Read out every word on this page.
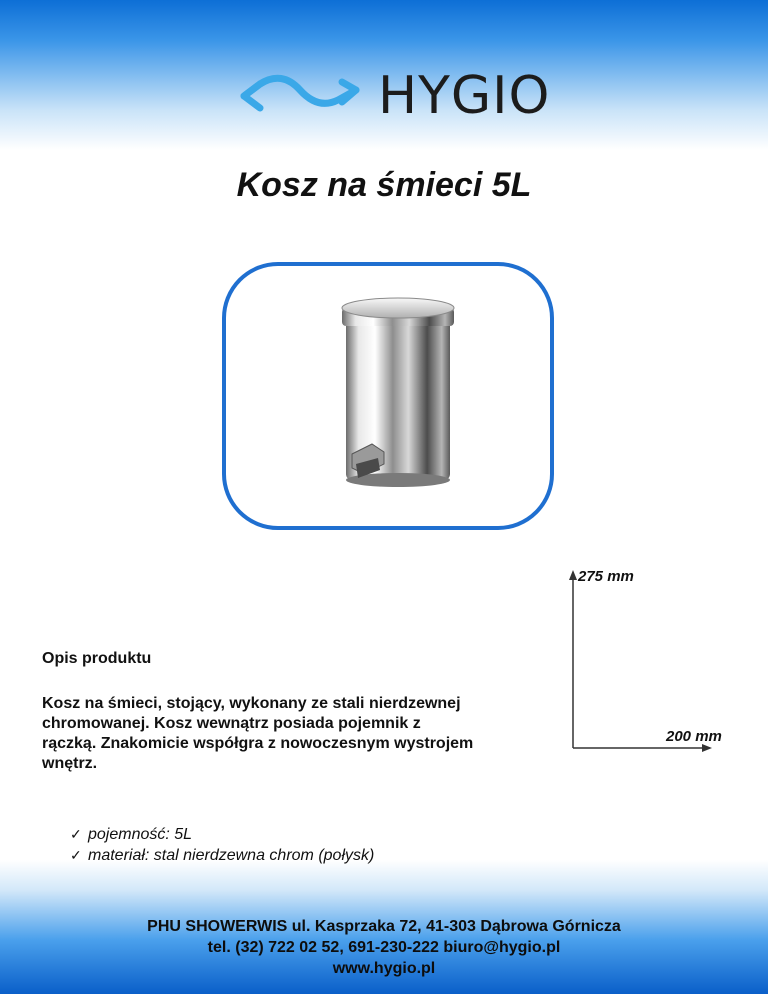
HYGIO
Kosz na śmieci 5L
275 mm
200 mm
Opis produktu
Kosz na śmieci, stojący, wykonany ze stali nierdzewnej
chromowanej. Kosz wewnątrz posiada pojemnik z
rączką. Znakomicie współgra z nowoczesnym wystrojem
wnętrz.
✓ pojemność: 5L
✓ materiał: stal nierdzewna chrom (połysk)
PHU SHOWERWIS ul. Kasprzaka 72, 41-303 Dąbrowa Górnicza
tel. (32) 722 02 52, 691-230-222 biuro@hygio.pl
www.hygio.pl
